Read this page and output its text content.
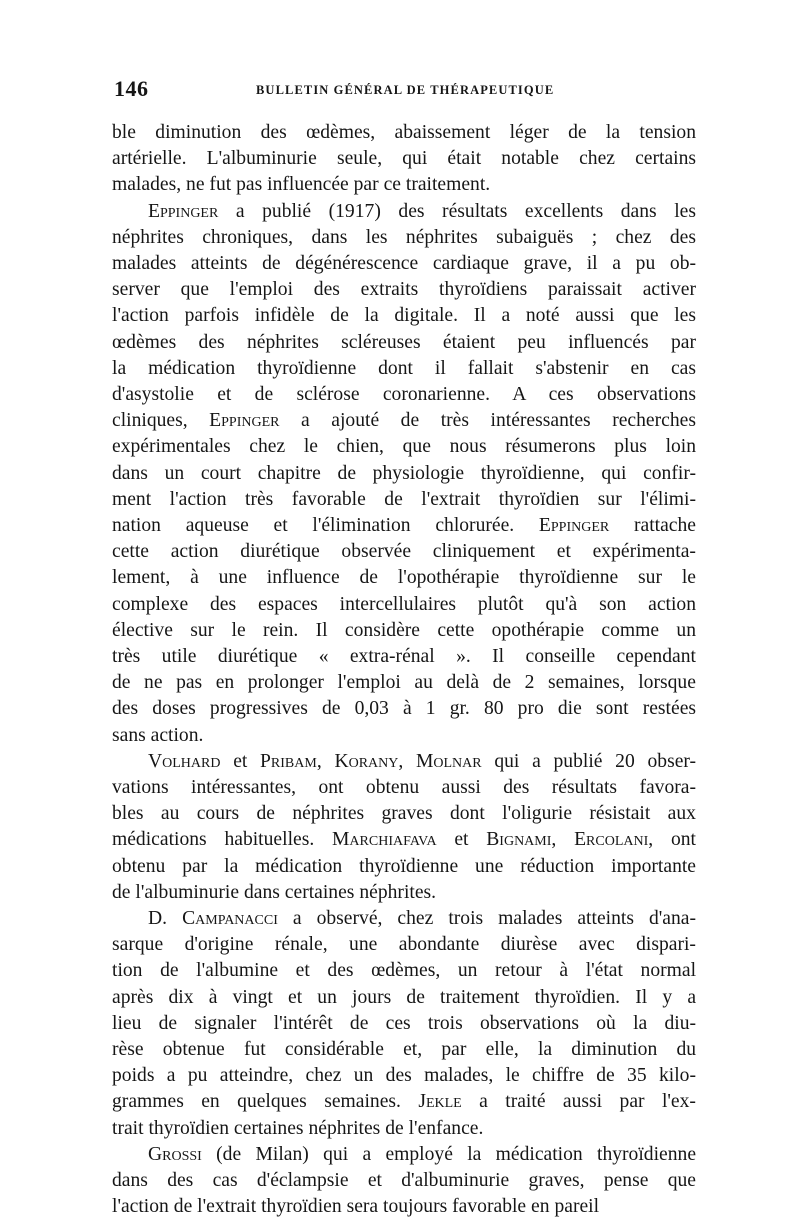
146	BULLETIN GÉNÉRAL DE THÉRAPEUTIQUE
ble diminution des œdèmes, abaissement léger de la tension
artérielle. L'albuminurie seule, qui était notable chez certains
malades, ne fut pas influencée par ce traitement.
Eppinger a publié (1917) des résultats excellents dans les
néphrites chroniques, dans les néphrites subaiguës ; chez des
malades atteints de dégénérescence cardiaque grave, il a pu ob-
server que l'emploi des extraits thyroïdiens paraissait activer
l'action parfois infidèle de la digitale. Il a noté aussi que les
œdèmes des néphrites scléreuses étaient peu influencés par
la médication thyroïdienne dont il fallait s'abstenir en cas
d'asystolie et de sclérose coronarienne. A ces observations
cliniques, Eppinger a ajouté de très intéressantes recherches
expérimentales chez le chien, que nous résumerons plus loin
dans un court chapitre de physiologie thyroïdienne, qui confir-
ment l'action très favorable de l'extrait thyroïdien sur l'élimi-
nation aqueuse et l'élimination chlorurée. Eppinger rattache
cette action diurétique observée cliniquement et expérimenta-
lement, à une influence de l'opothérapie thyroïdienne sur le
complexe des espaces intercellulaires plutôt qu'à son action
élective sur le rein. Il considère cette opothérapie comme un
très utile diurétique « extra-rénal ». Il conseille cependant
de ne pas en prolonger l'emploi au delà de 2 semaines, lorsque
des doses progressives de 0,03 à 1 gr. 80 pro die sont restées
sans action.
Volhard et Pribam, Korany, Molnar qui a publié 20 obser-
vations intéressantes, ont obtenu aussi des résultats favora-
bles au cours de néphrites graves dont l'oligurie résistait aux
médications habituelles. Marchiafava et Bignami, Ercolani, ont
obtenu par la médication thyroïdienne une réduction importante
de l'albuminurie dans certaines néphrites.
D. Campanacci a observé, chez trois malades atteints d'ana-
sarque d'origine rénale, une abondante diurèse avec dispari-
tion de l'albumine et des œdèmes, un retour à l'état normal
après dix à vingt et un jours de traitement thyroïdien. Il y a
lieu de signaler l'intérêt de ces trois observations où la diu-
rèse obtenue fut considérable et, par elle, la diminution du
poids a pu atteindre, chez un des malades, le chiffre de 35 kilo-
grammes en quelques semaines. Jekle a traité aussi par l'ex-
trait thyroïdien certaines néphrites de l'enfance.
Grossi (de Milan) qui a employé la médication thyroïdienne
dans des cas d'éclampsie et d'albuminurie graves, pense que
l'action de l'extrait thyroïdien sera toujours favorable en pareil
